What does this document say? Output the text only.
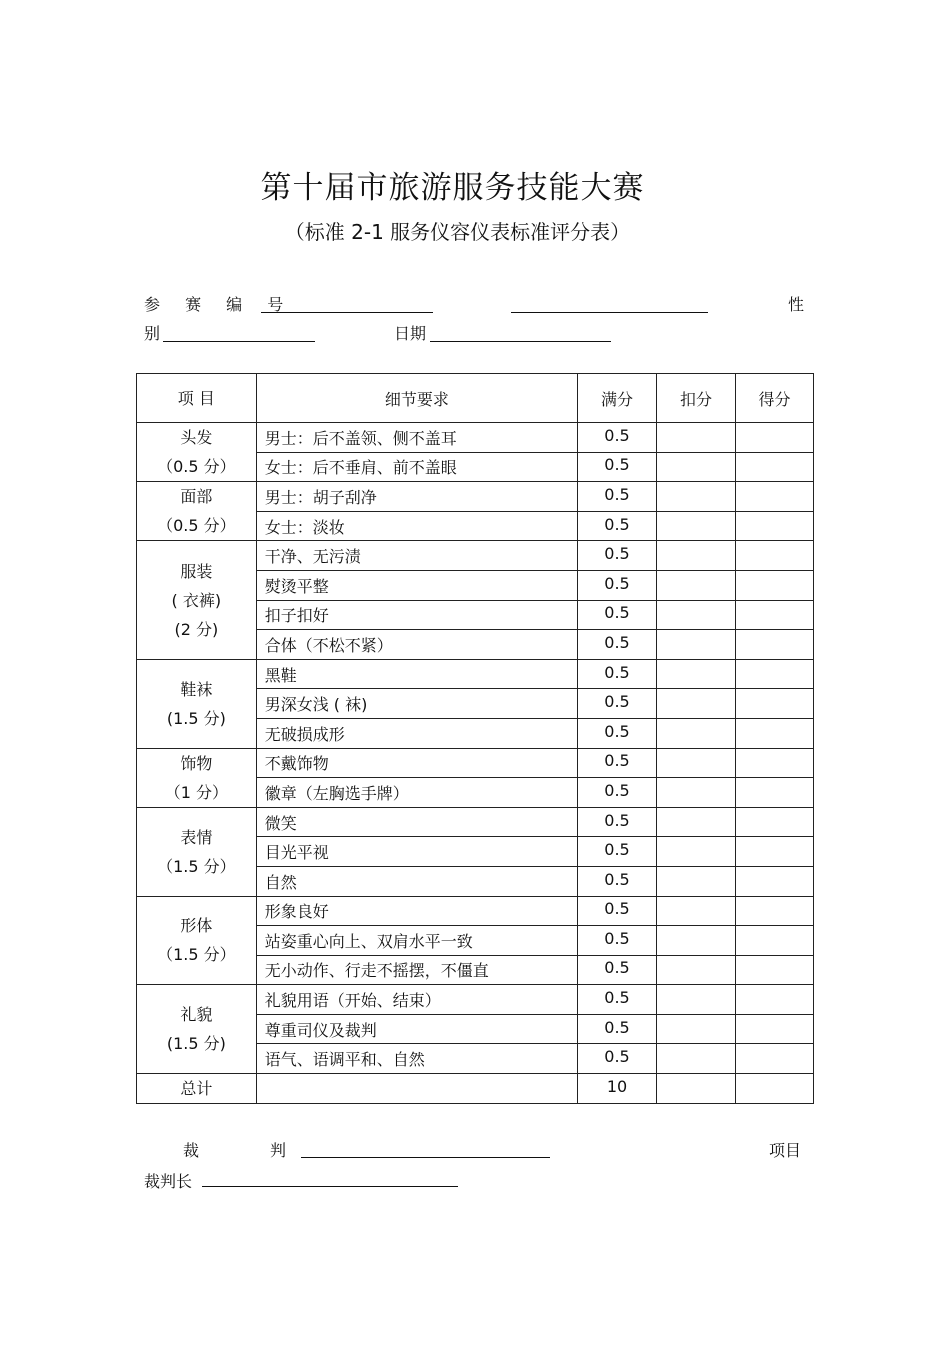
第十届市旅游服务技能大赛
（标准 2-1 服务仪容仪表标准评分表）
参 赛 编 号	性
别	日期
项 目	细节要求	满分	扣分	得分
头发
（0.5 分）	男士：后不盖领、侧不盖耳	0.5		
	女士：后不垂肩、前不盖眼	0.5		
面部
（0.5 分）	男士：胡子刮净	0.5		
	女士：淡妆	0.5		
服装
( 衣裤)
(2 分)	干净、无污渍	0.5		
	熨烫平整	0.5		
	扣子扣好	0.5		
	合体（不松不紧）	0.5		
鞋袜
(1.5 分)	黑鞋	0.5		
	男深女浅 ( 袜)	0.5		
	无破损成形	0.5		
饰物
（1 分）	不戴饰物	0.5		
	徽章（左胸选手牌）	0.5		
表情
（1.5 分）	微笑	0.5		
	目光平视	0.5		
	自然	0.5		
形体
（1.5 分）	形象良好	0.5		
	站姿重心向上、双肩水平一致	0.5		
	无小动作、行走不摇摆，不僵直	0.5		
礼貌
(1.5 分)	礼貌用语（开始、结束）	0.5		
	尊重司仪及裁判	0.5		
	语气、语调平和、自然	0.5		
总计		10		
裁	判	项目
裁判长
